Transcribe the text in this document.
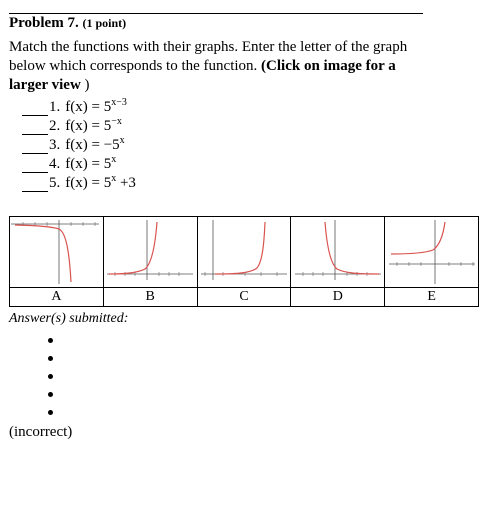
Problem 7. (1 point)
Match the functions with their graphs. Enter the letter of the graph below which corresponds to the function. (Click on image for a larger view )
1. $f(x) = 5^{x-3}$
2. $f(x) = 5^{-x}$
3. $f(x) = -5^x$
4. $f(x) = 5^x$
5. $f(x) = 5^x +3$

A	B	C	D	E
Answer(s) submitted:
(incorrect)
